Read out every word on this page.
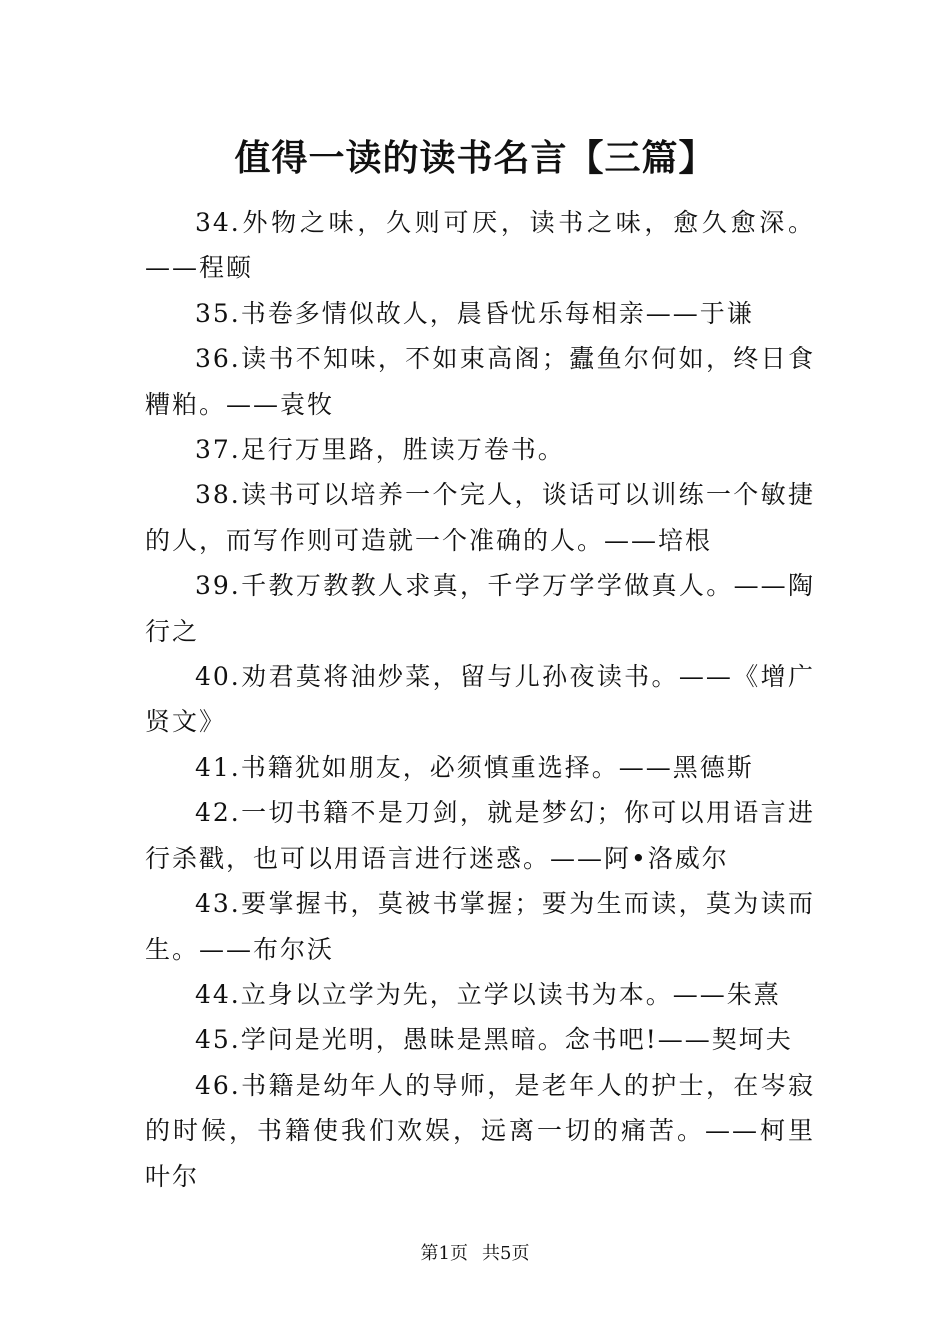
值得一读的读书名言【三篇】

34.外物之味，久则可厌，读书之味，愈久愈深。——程颐

35.书卷多情似故人，晨昏忧乐每相亲——于谦

36.读书不知味，不如束高阁；蠹鱼尔何如，终日食糟粕。——袁牧

37.足行万里路，胜读万卷书。

38.读书可以培养一个完人，谈话可以训练一个敏捷的人，而写作则可造就一个准确的人。——培根

39.千教万教教人求真，千学万学学做真人。——陶行之

40.劝君莫将油炒菜，留与儿孙夜读书。——《增广贤文》

41.书籍犹如朋友，必须慎重选择。——黑德斯

42.一切书籍不是刀剑，就是梦幻；你可以用语言进行杀戳，也可以用语言进行迷惑。——阿•洛威尔

43.要掌握书，莫被书掌握；要为生而读，莫为读而生。——布尔沃

44.立身以立学为先，立学以读书为本。——朱熹

45.学问是光明，愚昧是黑暗。念书吧!——契坷夫

46.书籍是幼年人的导师，是老年人的护士，在岑寂的时候，书籍使我们欢娱，远离一切的痛苦。——柯里叶尔

第1页 共5页
